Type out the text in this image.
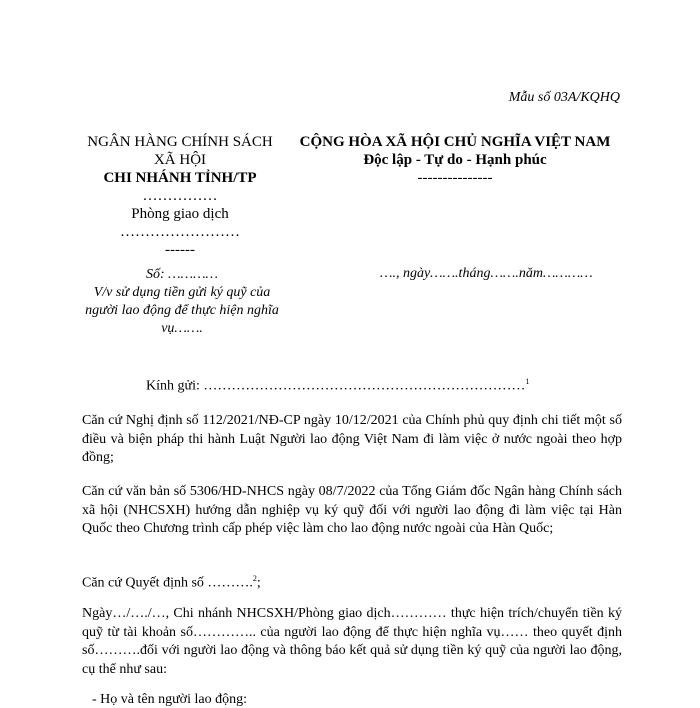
Mẫu số 03A/KQHQ
NGÂN HÀNG CHÍNH SÁCH XÃ HỘI
CHI NHÁNH TỈNH/TP
……………
Phòng giao dịch
……………………
------
CỘNG HÒA XÃ HỘI CHỦ NGHĨA VIỆT NAM
Độc lập - Tự do - Hạnh phúc
---------------
Số: …………
V/v sử dụng tiền gửi ký quỹ của người lao động để thực hiện nghĩa vụ…….
…., ngày…….tháng…….năm…………
Kính gửi: ……………………………………………………………$^1$
Căn cứ Nghị định số 112/2021/NĐ-CP ngày 10/12/2021 của Chính phủ quy định chi tiết một số điều và biện pháp thi hành Luật Người lao động Việt Nam đi làm việc ở nước ngoài theo hợp đồng;
Căn cứ văn bản số 5306/HD-NHCS ngày 08/7/2022 của Tổng Giám đốc Ngân hàng Chính sách xã hội (NHCSXH) hướng dẫn nghiệp vụ ký quỹ đối với người lao động đi làm việc tại Hàn Quốc theo Chương trình cấp phép việc làm cho lao động nước ngoài của Hàn Quốc;
Căn cứ Quyết định số ……….$^2$;
Ngày…/…./…, Chi nhánh NHCSXH/Phòng giao dịch………… thực hiện trích/chuyển tiền ký quỹ từ tài khoản số………….. của người lao động để thực hiện nghĩa vụ…… theo quyết định số……….đối với người lao động và thông báo kết quả sử dụng tiền ký quỹ của người lao động, cụ thể như sau:
- Họ và tên người lao động:
